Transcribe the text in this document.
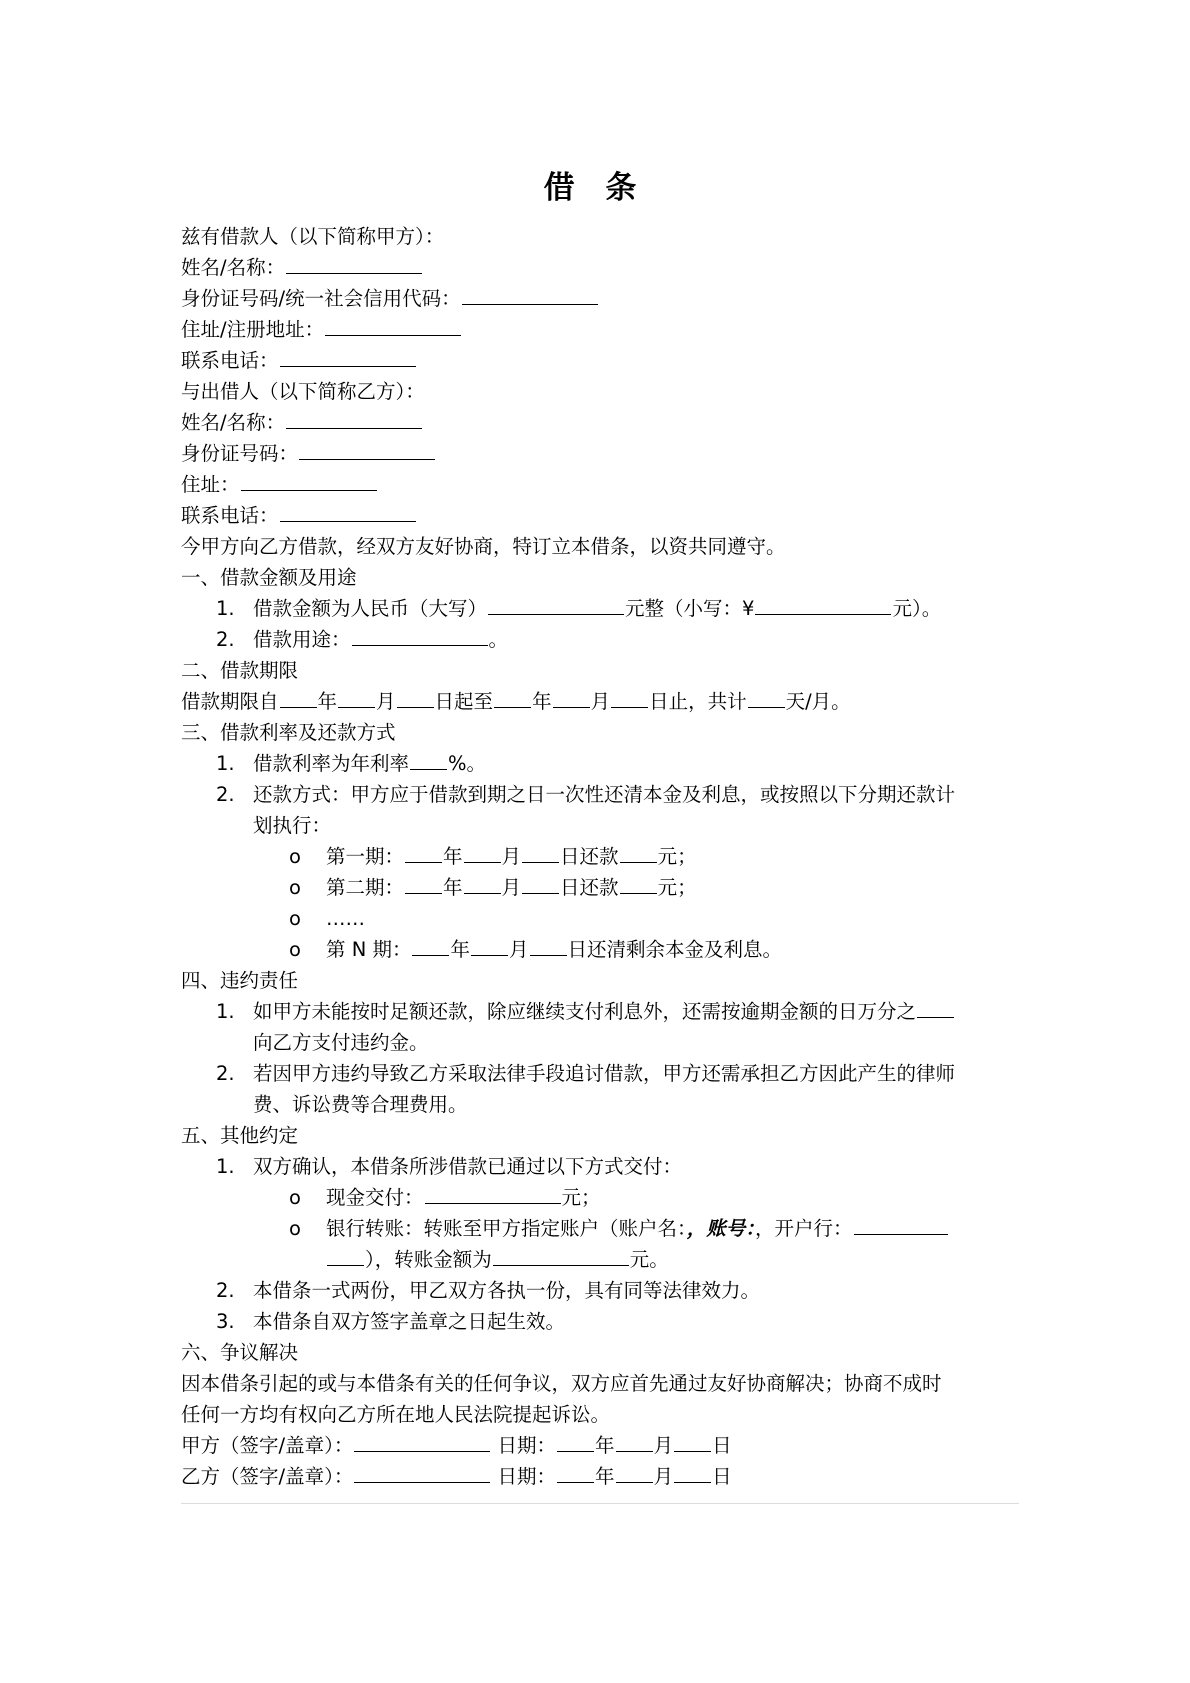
借 条
兹有借款人（以下简称甲方）：
姓名/名称：
身份证号码/统一社会信用代码：
住址/注册地址：
联系电话：
与出借人（以下简称乙方）：
姓名/名称：
身份证号码：
住址：
联系电话：
今甲方向乙方借款，经双方友好协商，特订立本借条，以资共同遵守。
一、借款金额及用途
1. 借款金额为人民币（大写）	元整（小写：¥	元）。
2. 借款用途：	。
二、借款期限
借款期限自 年 月 日起至 年 月 日止，共计 天/月。
三、借款利率及还款方式
1. 借款利率为年利率 %。
2. 还款方式：甲方应于借款到期之日一次性还清本金及利息，或按照以下分期还款计
划执行：
o 第一期： 年 月 日还款 元；
o 第二期： 年 月 日还款 元；
o ……
o 第 N 期： 年 月 日还清剩余本金及利息。
四、违约责任
1. 如甲方未能按时足额还款，除应继续支付利息外，还需按逾期金额的日万分之
向乙方支付违约金。
2. 若因甲方违约导致乙方采取法律手段追讨借款，甲方还需承担乙方因此产生的律师
费、诉讼费等合理费用。
五、其他约定
1. 双方确认，本借条所涉借款已通过以下方式交付：
o 现金交付：	元；
o 银行转账：转账至甲方指定账户（账户名：，账号：，开户行：
），转账金额为	元。
2. 本借条一式两份，甲乙双方各执一份，具有同等法律效力。
3. 本借条自双方签字盖章之日起生效。
六、争议解决
因本借条引起的或与本借条有关的任何争议，双方应首先通过友好协商解决；协商不成时
任何一方均有权向乙方所在地人民法院提起诉讼。
甲方（签字/盖章）：	日期： 年 月 日
乙方（签字/盖章）：	日期： 年 月 日
